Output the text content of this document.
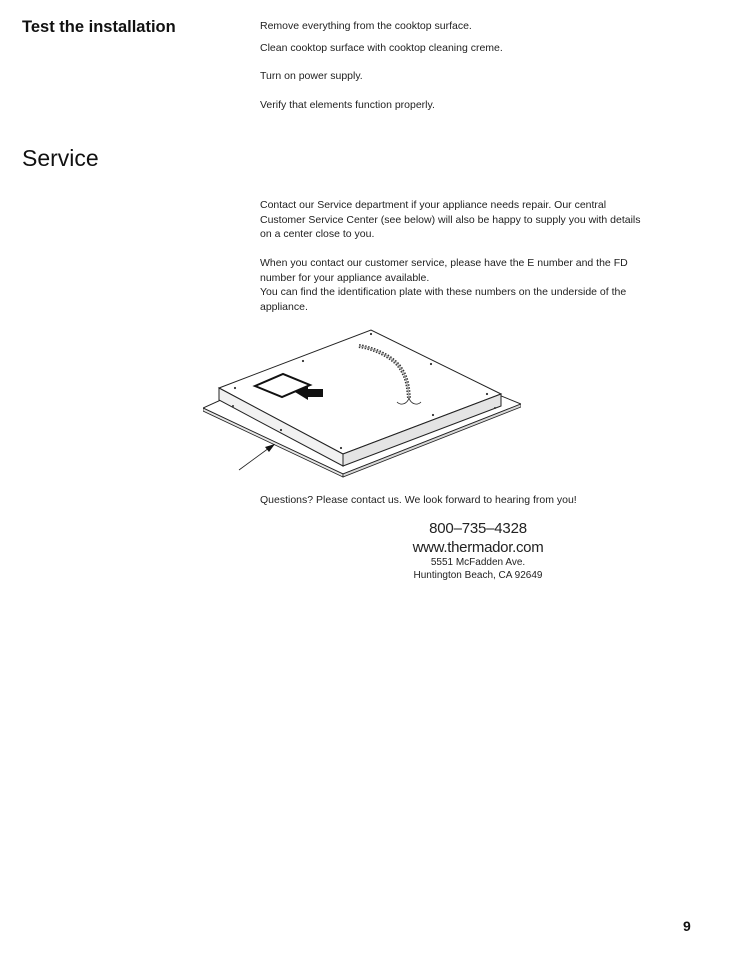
Test the installation	Remove everything from the cooktop surface.
Clean cooktop surface with cooktop cleaning creme.
Turn on power supply.
Verify that elements function properly.
Service
Contact our Service department if your appliance needs repair. Our central
Customer Service Center (see below) will also be happy to supply you with details
on a center close to you.
When you contact our customer service, please have the E number and the FD
number for your appliance available.
You can find the identification plate with these numbers on the underside of the
appliance.
Questions? Please contact us. We look forward to hearing from you!
800–735–4328
www.thermador.com
5551 McFadden Ave.
Huntington Beach, CA 92649
9
